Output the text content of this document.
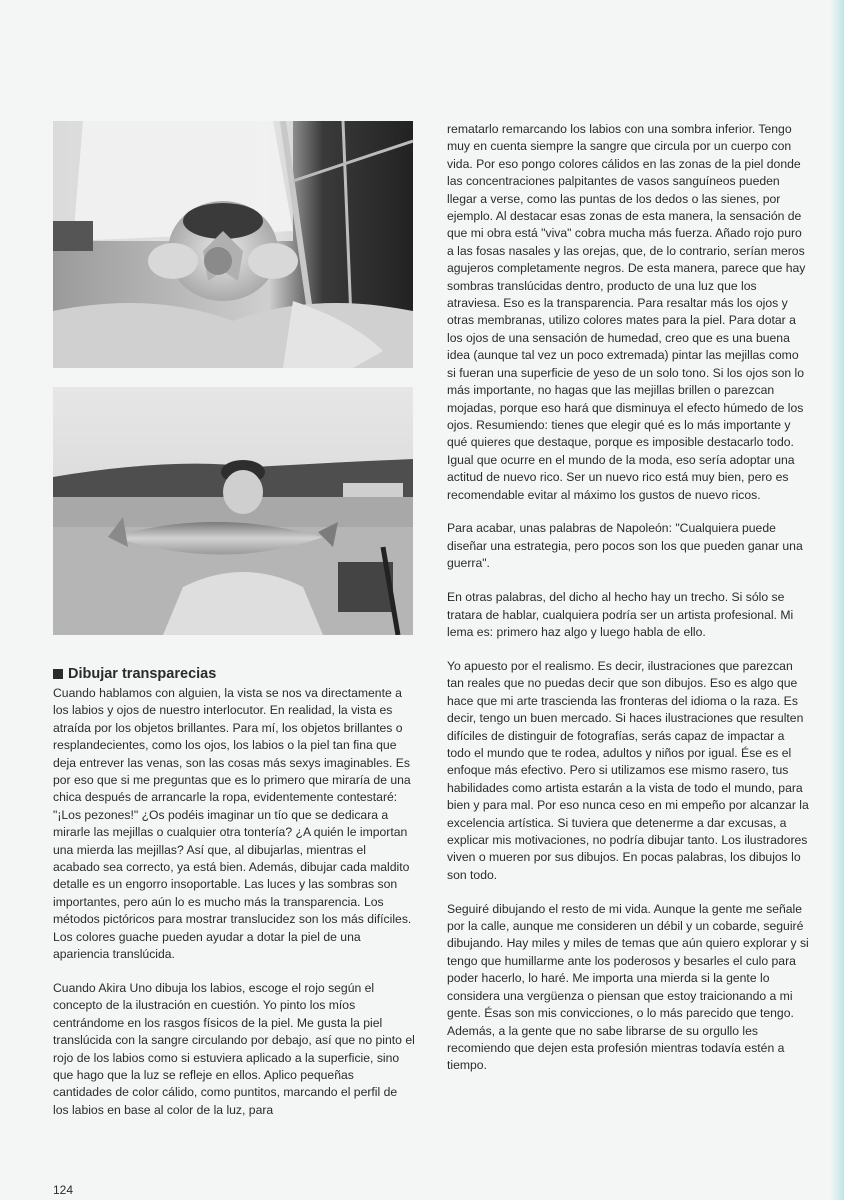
Dibujar transparecias

Cuando hablamos con alguien, la vista se nos va directamente a los labios y ojos de nuestro interlocutor. En realidad, la vista es atraída por los objetos brillantes. Para mí, los objetos brillantes o resplandecientes, como los ojos, los labios o la piel tan fina que deja entrever las venas, son las cosas más sexys imaginables. Es por eso que si me preguntas que es lo primero que miraría de una chica después de arrancarle la ropa, evidentemente contestaré: "¡Los pezones!" ¿Os podéis imaginar un tío que se dedicara a mirarle las mejillas o cualquier otra tontería? ¿A quién le importan una mierda las mejillas? Así que, al dibujarlas, mientras el acabado sea correcto, ya está bien. Además, dibujar cada maldito detalle es un engorro insoportable. Las luces y las sombras son importantes, pero aún lo es mucho más la transparencia. Los métodos pictóricos para mostrar translucidez son los más difíciles. Los colores guache pueden ayudar a dotar la piel de una apariencia translúcida.

Cuando Akira Uno dibuja los labios, escoge el rojo según el concepto de la ilustración en cuestión. Yo pinto los míos centrándome en los rasgos físicos de la piel. Me gusta la piel translúcida con la sangre circulando por debajo, así que no pinto el rojo de los labios como si estuviera aplicado a la superficie, sino que hago que la luz se refleje en ellos. Aplico pequeñas cantidades de color cálido, como puntitos, marcando el perfil de los labios en base al color de la luz, para

rematarlo remarcando los labios con una sombra inferior. Tengo muy en cuenta siempre la sangre que circula por un cuerpo con vida. Por eso pongo colores cálidos en las zonas de la piel donde las concentraciones palpitantes de vasos sanguíneos pueden llegar a verse, como las puntas de los dedos o las sienes, por ejemplo. Al destacar esas zonas de esta manera, la sensación de que mi obra está "viva" cobra mucha más fuerza. Añado rojo puro a las fosas nasales y las orejas, que, de lo contrario, serían meros agujeros completamente negros. De esta manera, parece que hay sombras translúcidas dentro, producto de una luz que los atraviesa. Eso es la transparencia. Para resaltar más los ojos y otras membranas, utilizo colores mates para la piel. Para dotar a los ojos de una sensación de humedad, creo que es una buena idea (aunque tal vez un poco extremada) pintar las mejillas como si fueran una superficie de yeso de un solo tono. Si los ojos son lo más importante, no hagas que las mejillas brillen o parezcan mojadas, porque eso hará que disminuya el efecto húmedo de los ojos. Resumiendo: tienes que elegir qué es lo más importante y qué quieres que destaque, porque es imposible destacarlo todo. Igual que ocurre en el mundo de la moda, eso sería adoptar una actitud de nuevo rico. Ser un nuevo rico está muy bien, pero es recomendable evitar al máximo los gustos de nuevo ricos.

Para acabar, unas palabras de Napoleón: "Cualquiera puede diseñar una estrategia, pero pocos son los que pueden ganar una guerra".

En otras palabras, del dicho al hecho hay un trecho. Si sólo se tratara de hablar, cualquiera podría ser un artista profesional. Mi lema es: primero haz algo y luego habla de ello.

Yo apuesto por el realismo. Es decir, ilustraciones que parezcan tan reales que no puedas decir que son dibujos. Eso es algo que hace que mi arte trascienda las fronteras del idioma o la raza. Es decir, tengo un buen mercado. Si haces ilustraciones que resulten difíciles de distinguir de fotografías, serás capaz de impactar a todo el mundo que te rodea, adultos y niños por igual. Ése es el enfoque más efectivo. Pero si utilizamos ese mismo rasero, tus habilidades como artista estarán a la vista de todo el mundo, para bien y para mal. Por eso nunca ceso en mi empeño por alcanzar la excelencia artística. Si tuviera que detenerme a dar excusas, a explicar mis motivaciones, no podría dibujar tanto. Los ilustradores viven o mueren por sus dibujos. En pocas palabras, los dibujos lo son todo.

Seguiré dibujando el resto de mi vida. Aunque la gente me señale por la calle, aunque me consideren un débil y un cobarde, seguiré dibujando. Hay miles y miles de temas que aún quiero explorar y si tengo que humillarme ante los poderosos y besarles el culo para poder hacerlo, lo haré. Me importa una mierda si la gente lo considera una vergüenza o piensan que estoy traicionando a mi gente. Ésas son mis convicciones, o lo más parecido que tengo. Además, a la gente que no sabe librarse de su orgullo les recomiendo que dejen esta profesión mientras todavía estén a tiempo.

124
